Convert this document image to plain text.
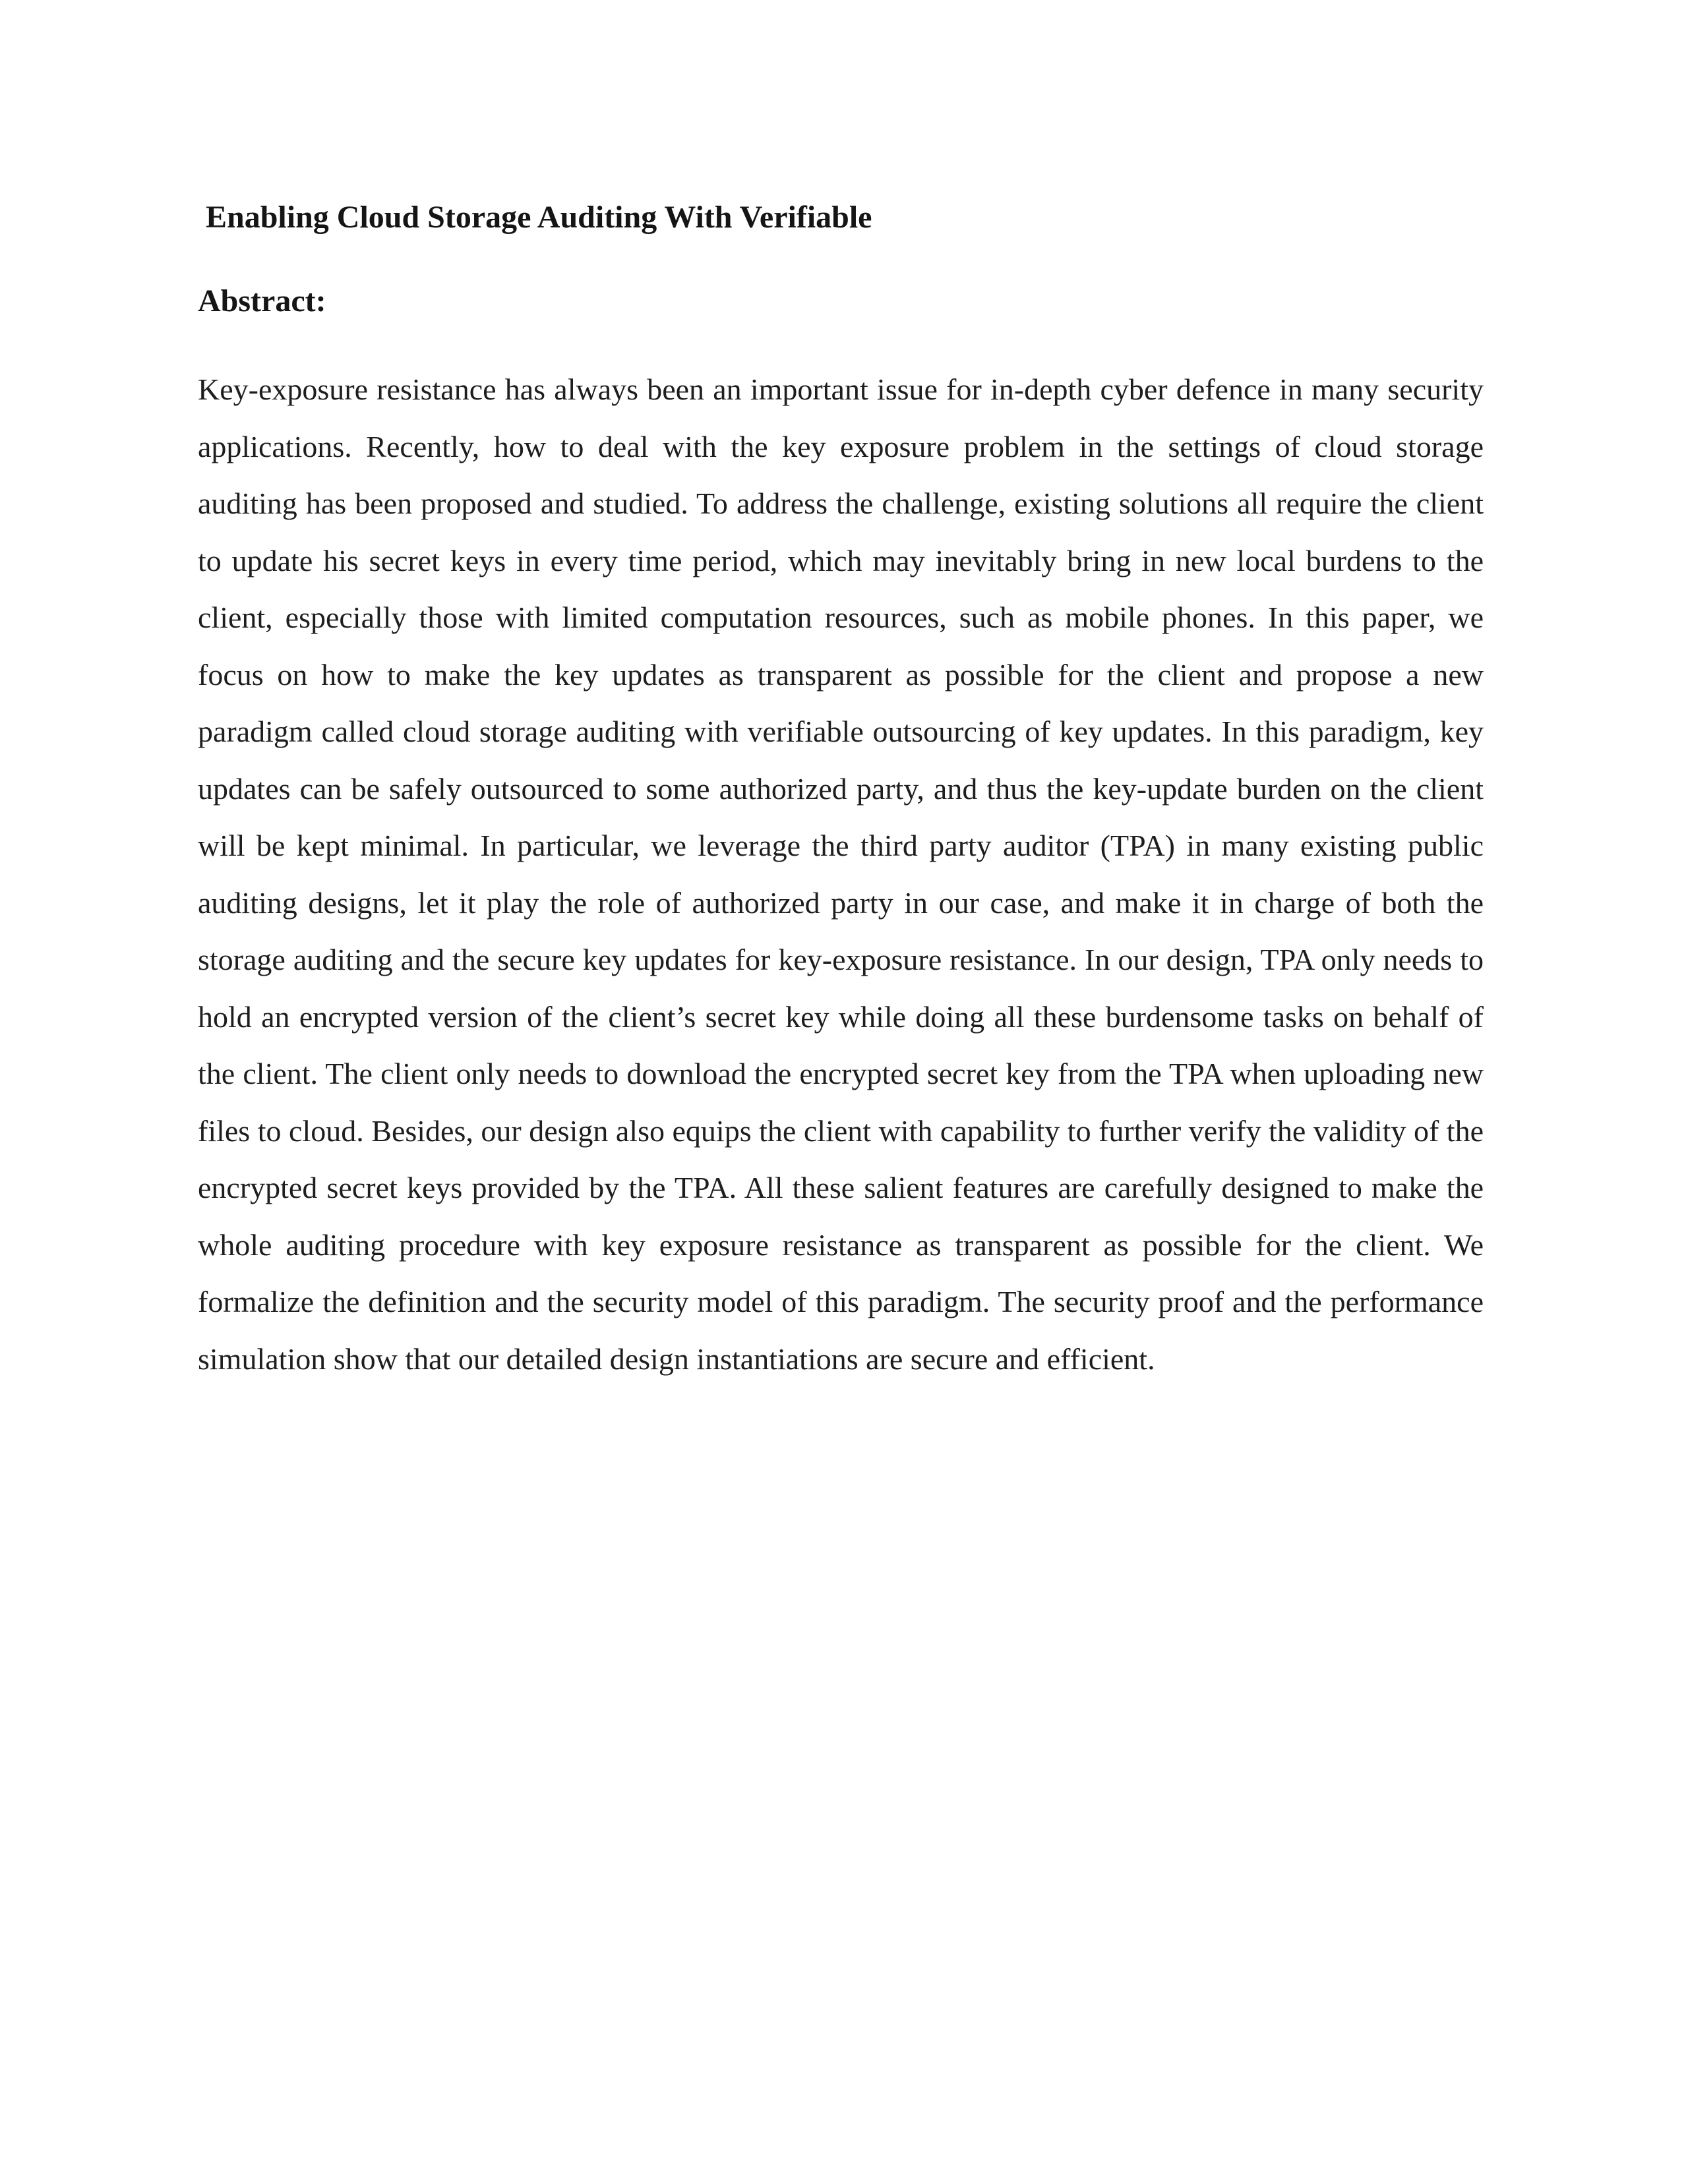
Enabling Cloud Storage Auditing With Verifiable
Abstract:

Key-exposure resistance has always been an important issue for in-depth cyber defence in many security applications. Recently, how to deal with the key exposure problem in the settings of cloud storage auditing has been proposed and studied. To address the challenge, existing solutions all require the client to update his secret keys in every time period, which may inevitably bring in new local burdens to the client, especially those with limited computation resources, such as mobile phones. In this paper, we focus on how to make the key updates as transparent as possible for the client and propose a new paradigm called cloud storage auditing with verifiable outsourcing of key updates. In this paradigm, key updates can be safely outsourced to some authorized party, and thus the key-update burden on the client will be kept minimal. In particular, we leverage the third party auditor (TPA) in many existing public auditing designs, let it play the role of authorized party in our case, and make it in charge of both the storage auditing and the secure key updates for key-exposure resistance. In our design, TPA only needs to hold an encrypted version of the client’s secret key while doing all these burdensome tasks on behalf of the client. The client only needs to download the encrypted secret key from the TPA when uploading new files to cloud. Besides, our design also equips the client with capability to further verify the validity of the encrypted secret keys provided by the TPA. All these salient features are carefully designed to make the whole auditing procedure with key exposure resistance as transparent as possible for the client. We formalize the definition and the security model of this paradigm. The security proof and the performance simulation show that our detailed design instantiations are secure and efficient.
